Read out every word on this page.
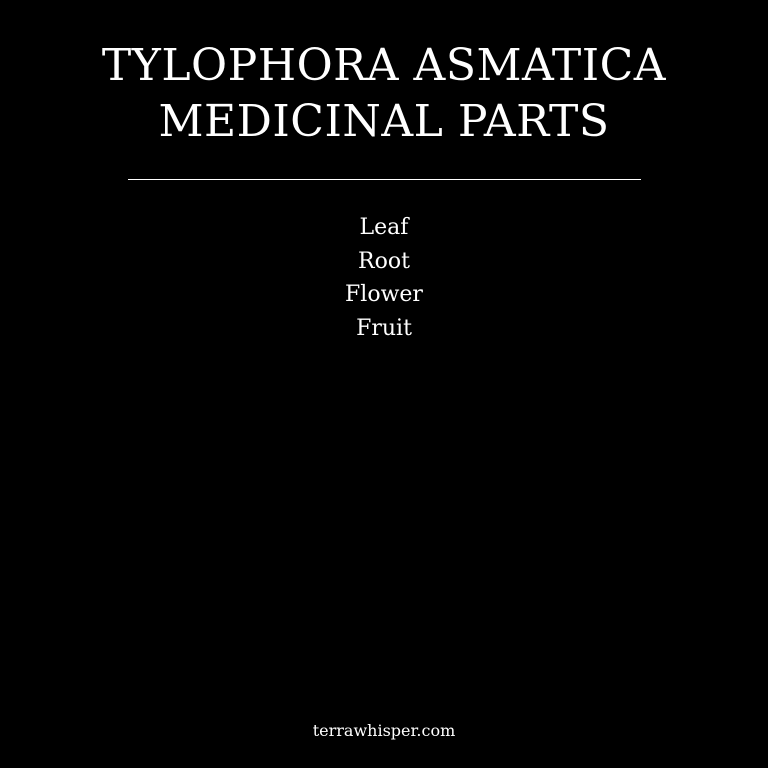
TYLOPHORA ASMATICA
MEDICINAL PARTS
Leaf
Root
Flower
Fruit
terrawhisper.com
